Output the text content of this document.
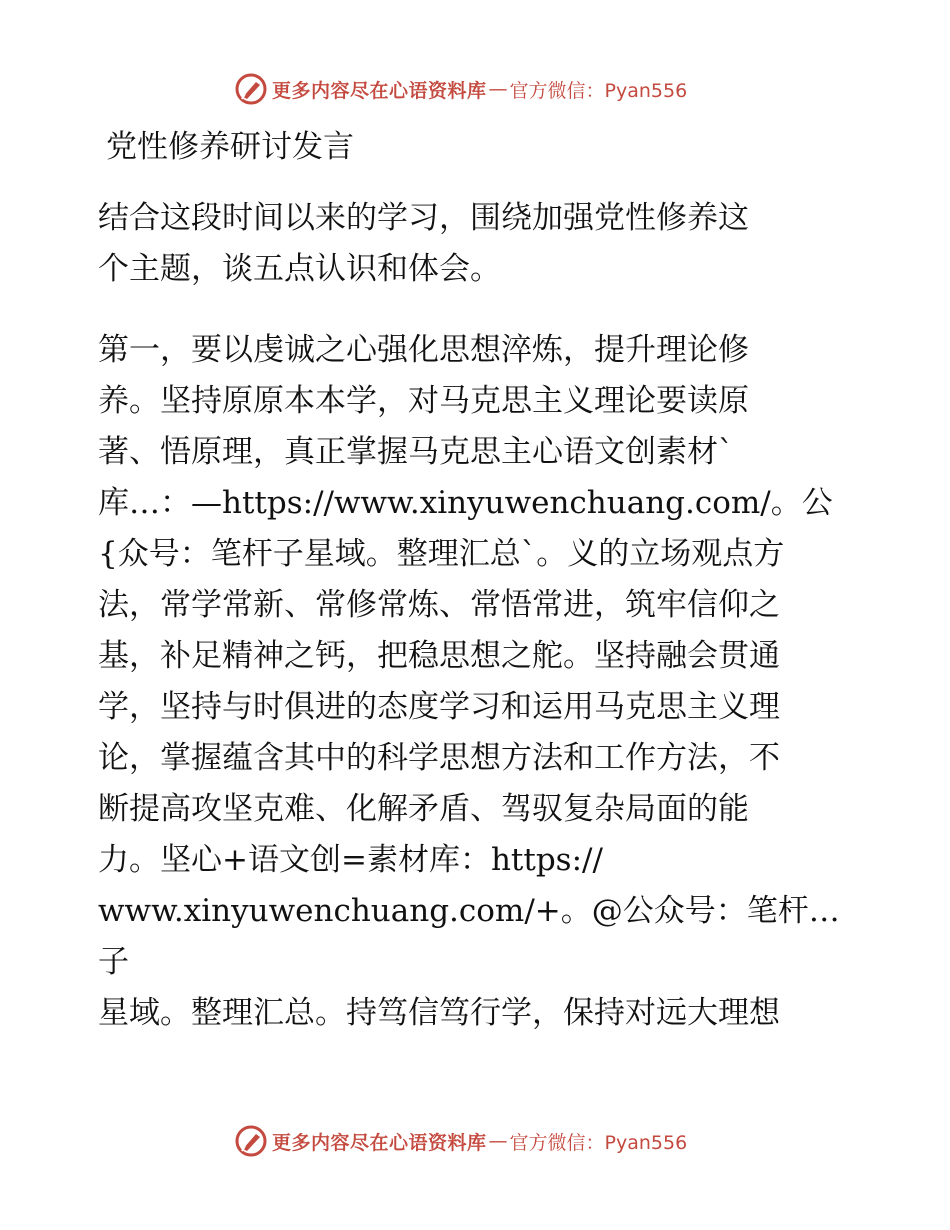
更多内容尽在心语资料库 — 官方微信：Pyan556
党性修养研讨发言

结合这段时间以来的学习，围绕加强党性修养这
个主题，谈五点认识和体会。

第一，要以虔诚之心强化思想淬炼，提升理论修
养。坚持原原本本学，对马克思主义理论要读原
著、悟原理，真正掌握马克思主心语文创素材`
库…：—https://www.xinyuwenchuang.com/。公
{众号：笔杆子星域。整理汇总`。义的立场观点方
法，常学常新、常修常炼、常悟常进，筑牢信仰之
基，补足精神之钙，把稳思想之舵。坚持融会贯通
学，坚持与时俱进的态度学习和运用马克思主义理
论，掌握蕴含其中的科学思想方法和工作方法，不
断提高攻坚克难、化解矛盾、驾驭复杂局面的能
力。坚心+语文创=素材库：https://
www.xinyuwenchuang.com/+。@公众号：笔杆…子
星域。整理汇总。持笃信笃行学，保持对远大理想

更多内容尽在心语资料库 — 官方微信：Pyan556
